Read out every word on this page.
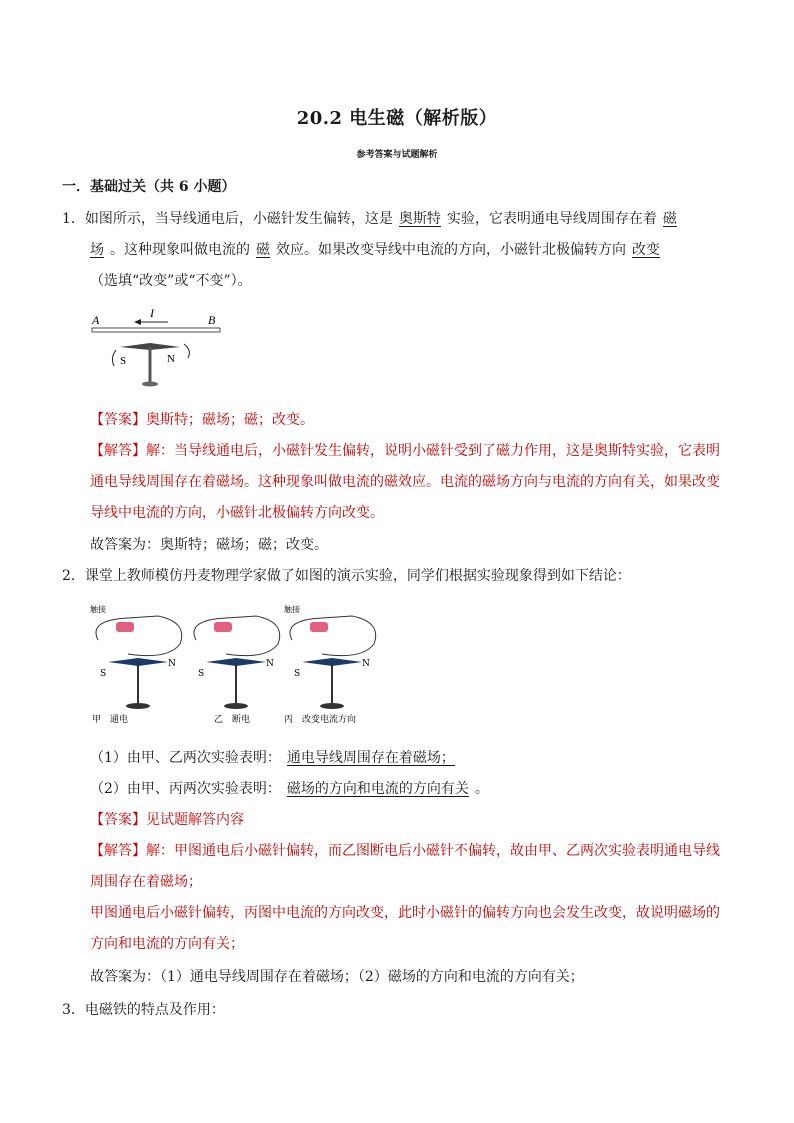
20.2 电生磁（解析版）
参考答案与试题解析
一．基础过关（共 6 小题）
1．如图所示，当导线通电后，小磁针发生偏转，这是 奥斯特 实验，它表明通电导线周围存在着 磁
场 。这种现象叫做电流的 磁 效应。如果改变导线中电流的方向，小磁针北极偏转方向 改变
（选填“改变”或“不变”）。
A	B
I
S	N
【答案】奥斯特；磁场；磁；改变。
【解答】解：当导线通电后，小磁针发生偏转，说明小磁针受到了磁力作用，这是奥斯特实验，它表明
通电导线周围存在着磁场。这种现象叫做电流的磁效应。电流的磁场方向与电流的方向有关，如果改变
导线中电流的方向，小磁针北极偏转方向改变。
故答案为：奥斯特；磁场；磁；改变。
2．课堂上教师模仿丹麦物理学家做了如图的演示实验，同学们根据实验现象得到如下结论：
触接
S
N
甲　通电
S
N
乙　断电
触接
S
N
丙　改变电流方向
（1）由甲、乙两次实验表明： 通电导线周围存在着磁场；
（2）由甲、丙两次实验表明： 磁场的方向和电流的方向有关 。
【答案】见试题解答内容
【解答】解：甲图通电后小磁针偏转，而乙图断电后小磁针不偏转，故由甲、乙两次实验表明通电导线
周围存在着磁场；
甲图通电后小磁针偏转，丙图中电流的方向改变，此时小磁针的偏转方向也会发生改变，故说明磁场的
方向和电流的方向有关；
故答案为：（1）通电导线周围存在着磁场；（2）磁场的方向和电流的方向有关；
3．电磁铁的特点及作用：
